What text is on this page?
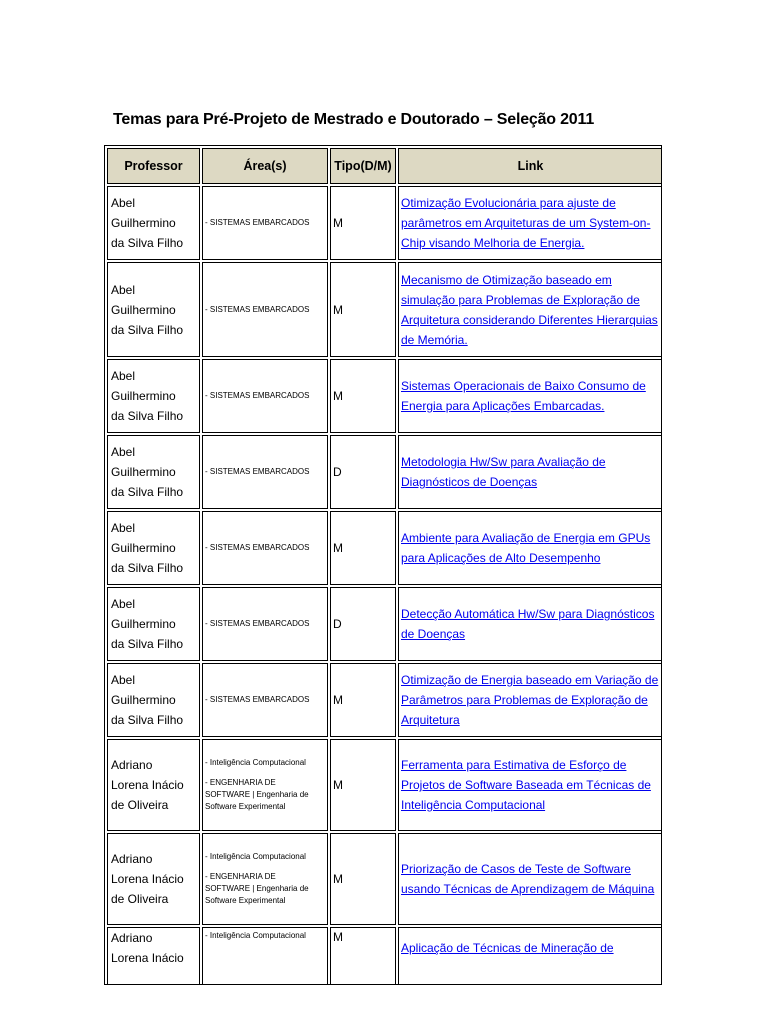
Temas para Pré-Projeto de Mestrado e Doutorado – Seleção 2011
Professor	Área(s)	Tipo(D/M)	Link

Abel
Guilhermino
da Silva Filho	- SISTEMAS EMBARCADOS	M	Otimização Evolucionária para ajuste de parâmetros em Arquiteturas de um System-on-Chip visando Melhoria de Energia.

Abel
Guilhermino
da Silva Filho	- SISTEMAS EMBARCADOS	M	Mecanismo de Otimização baseado em simulação para Problemas de Exploração de Arquitetura considerando Diferentes Hierarquias de Memória.

Abel
Guilhermino
da Silva Filho	- SISTEMAS EMBARCADOS	M	Sistemas Operacionais de Baixo Consumo de Energia para Aplicações Embarcadas.

Abel
Guilhermino
da Silva Filho	- SISTEMAS EMBARCADOS	D	Metodologia Hw/Sw para Avaliação de Diagnósticos de Doenças

Abel
Guilhermino
da Silva Filho	- SISTEMAS EMBARCADOS	M	Ambiente para Avaliação de Energia em GPUs para Aplicações de Alto Desempenho

Abel
Guilhermino
da Silva Filho	- SISTEMAS EMBARCADOS	D	Detecção Automática Hw/Sw para Diagnósticos de Doenças

Abel
Guilhermino
da Silva Filho	- SISTEMAS EMBARCADOS	M	Otimização de Energia baseado em Variação de Parâmetros para Problemas de Exploração de Arquitetura

Adriano
Lorena Inácio
de Oliveira	- Inteligência Computacional
- ENGENHARIA DE
SOFTWARE | Engenharia de
Software Experimental	M	Ferramenta para Estimativa de Esforço de Projetos de Software Baseada em Técnicas de Inteligência Computacional

Adriano
Lorena Inácio
de Oliveira	- Inteligência Computacional
- ENGENHARIA DE
SOFTWARE | Engenharia de
Software Experimental	M	Priorização de Casos de Teste de Software usando Técnicas de Aprendizagem de Máquina

Adriano
Lorena Inácio	- Inteligência Computacional	M	Aplicação de Técnicas de Mineração de
